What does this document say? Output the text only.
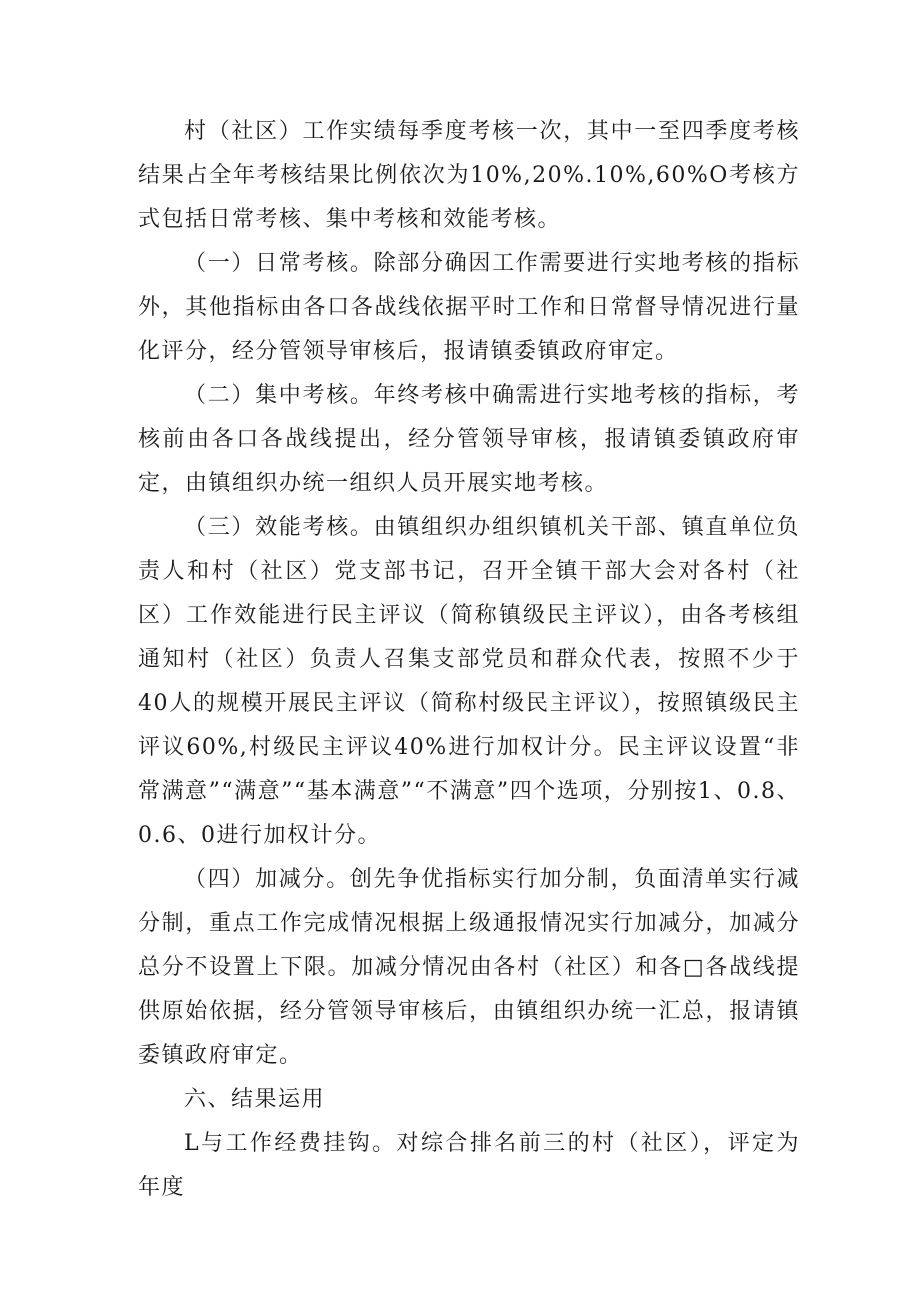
村（社区）工作实绩每季度考核一次，其中一至四季度考核结果占全年考核结果比例依次为10%,20%.10%,60%O考核方式包括日常考核、集中考核和效能考核。

（一）日常考核。除部分确因工作需要进行实地考核的指标外，其他指标由各口各战线依据平时工作和日常督导情况进行量化评分，经分管领导审核后，报请镇委镇政府审定。

（二）集中考核。年终考核中确需进行实地考核的指标，考核前由各口各战线提出，经分管领导审核，报请镇委镇政府审定，由镇组织办统一组织人员开展实地考核。

（三）效能考核。由镇组织办组织镇机关干部、镇直单位负责人和村（社区）党支部书记，召开全镇干部大会对各村（社区）工作效能进行民主评议（简称镇级民主评议），由各考核组通知村（社区）负责人召集支部党员和群众代表，按照不少于40人的规模开展民主评议（简称村级民主评议），按照镇级民主评议60%,村级民主评议40%进行加权计分。民主评议设置“非常满意”“满意”“基本满意”“不满意”四个选项，分别按1、0.8、0.6、0进行加权计分。

（四）加减分。创先争优指标实行加分制，负面清单实行减分制，重点工作完成情况根据上级通报情况实行加减分，加减分总分不设置上下限。加减分情况由各村（社区）和各□各战线提供原始依据，经分管领导审核后，由镇组织办统一汇总，报请镇委镇政府审定。

六、结果运用

L与工作经费挂钩。对综合排名前三的村（社区），评定为年度
